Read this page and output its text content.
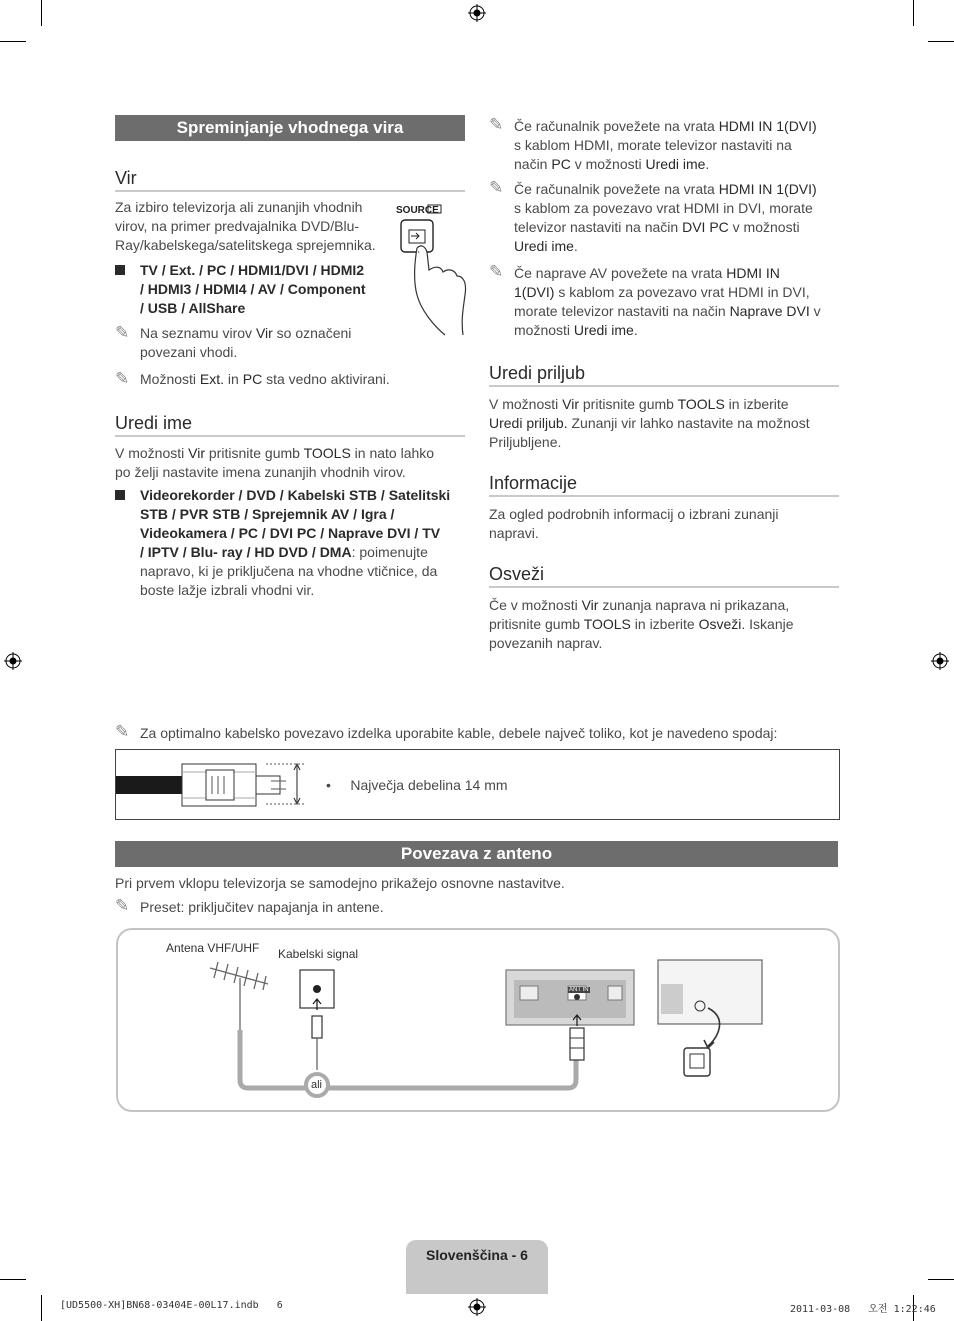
Spreminjanje vhodnega vira
Vir
Za izbiro televizorja ali zunanjih vhodnih virov, na primer predvajalnika DVD/Blu-Ray/kabelskega/satelitskega sprejemnika.
SOURCE
TV / Ext. / PC / HDMI1/DVI / HDMI2
/ HDMI3 / HDMI4 / AV / Component
/ USB / AllShare
✎ Na seznamu virov Vir so označeni
povezani vhodi.
✎ Možnosti Ext. in PC sta vedno aktivirani.
Uredi ime
V možnosti Vir pritisnite gumb TOOLS in nato lahko
po želji nastavite imena zunanjih vhodnih virov.
Videorekorder / DVD / Kabelski STB / Satelitski
STB / PVR STB / Sprejemnik AV / Igra /
Videokamera / PC / DVI PC / Naprave DVI / TV
/ IPTV / Blu- ray / HD DVD / DMA: poimenujte
napravo, ki je priključena na vhodne vtičnice, da
boste lažje izbrali vhodni vir.
✎ Če računalnik povežete na vrata HDMI IN 1(DVI)
s kablom HDMI, morate televizor nastaviti na
način PC v možnosti Uredi ime.
✎ Če računalnik povežete na vrata HDMI IN 1(DVI)
s kablom za povezavo vrat HDMI in DVI, morate
televizor nastaviti na način DVI PC v možnosti
Uredi ime.
✎ Če naprave AV povežete na vrata HDMI IN
1(DVI) s kablom za povezavo vrat HDMI in DVI,
morate televizor nastaviti na način Naprave DVI v
možnosti Uredi ime.
Uredi priljub
V možnosti Vir pritisnite gumb TOOLS in izberite
Uredi priljub. Zunanji vir lahko nastavite na možnost
Priljubljene.
Informacije
Za ogled podrobnih informacij o izbrani zunanji
napravi.
Osveži
Če v možnosti Vir zunanja naprava ni prikazana,
pritisnite gumb TOOLS in izberite Osveži. Iskanje
povezanih naprav.
✎ Za optimalno kabelsko povezavo izdelka uporabite kable, debele največ toliko, kot je navedeno spodaj:
•     Največja debelina 14 mm
Povezava z anteno
Pri prvem vklopu televizorja se samodejno prikažejo osnovne nastavitve.
✎ Preset: priključitev napajanja in antene.
Antena VHF/UHF Kabelski signal
ali
ANT IN
Slovenščina - 6
[UD5500-XH]BN68-03404E-00L17.indb   6	2011-03-08   오전 1:22:46
